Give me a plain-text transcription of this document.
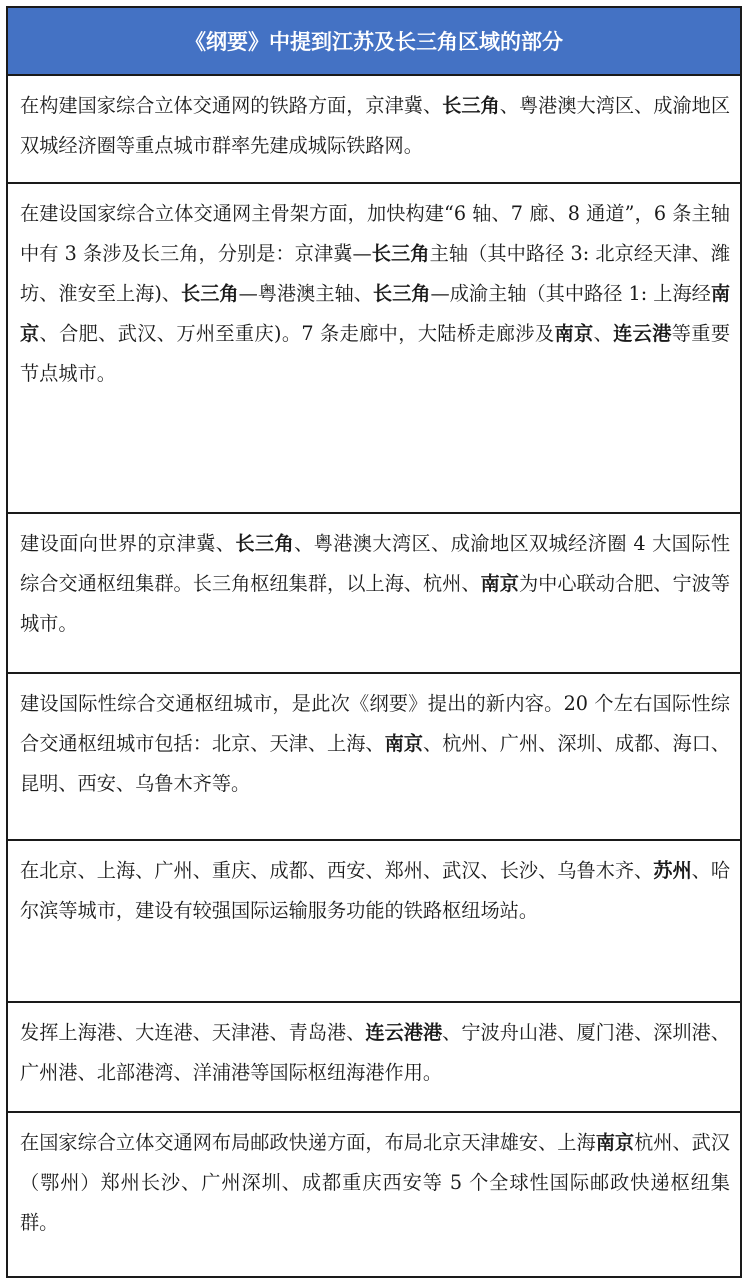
《纲要》中提到江苏及长三角区域的部分
在构建国家综合立体交通网的铁路方面，京津冀、长三角、粤港澳大湾区、成渝地区双城经济圈等重点城市群率先建成城际铁路网。
在建设国家综合立体交通网主骨架方面，加快构建“6 轴、7 廊、8 通道”，6 条主轴中有 3 条涉及长三角，分别是：京津冀—长三角主轴（其中路径 3: 北京经天津、潍坊、淮安至上海)、长三角—粤港澳主轴、长三角—成渝主轴（其中路径 1: 上海经南京、合肥、武汉、万州至重庆)。7 条走廊中，大陆桥走廊涉及南京、连云港等重要节点城市。
建设面向世界的京津冀、长三角、粤港澳大湾区、成渝地区双城经济圈 4 大国际性综合交通枢纽集群。长三角枢纽集群，以上海、杭州、南京为中心联动合肥、宁波等城市。
建设国际性综合交通枢纽城市，是此次《纲要》提出的新内容。20 个左右国际性综合交通枢纽城市包括：北京、天津、上海、南京、杭州、广州、深圳、成都、海口、昆明、西安、乌鲁木齐等。
在北京、上海、广州、重庆、成都、西安、郑州、武汉、长沙、乌鲁木齐、苏州、哈尔滨等城市，建设有较强国际运输服务功能的铁路枢纽场站。
发挥上海港、大连港、天津港、青岛港、连云港港、宁波舟山港、厦门港、深圳港、广州港、北部港湾、洋浦港等国际枢纽海港作用。
在国家综合立体交通网布局邮政快递方面，布局北京天津雄安、上海南京杭州、武汉（鄂州）郑州长沙、广州深圳、成都重庆西安等 5 个全球性国际邮政快递枢纽集群。
